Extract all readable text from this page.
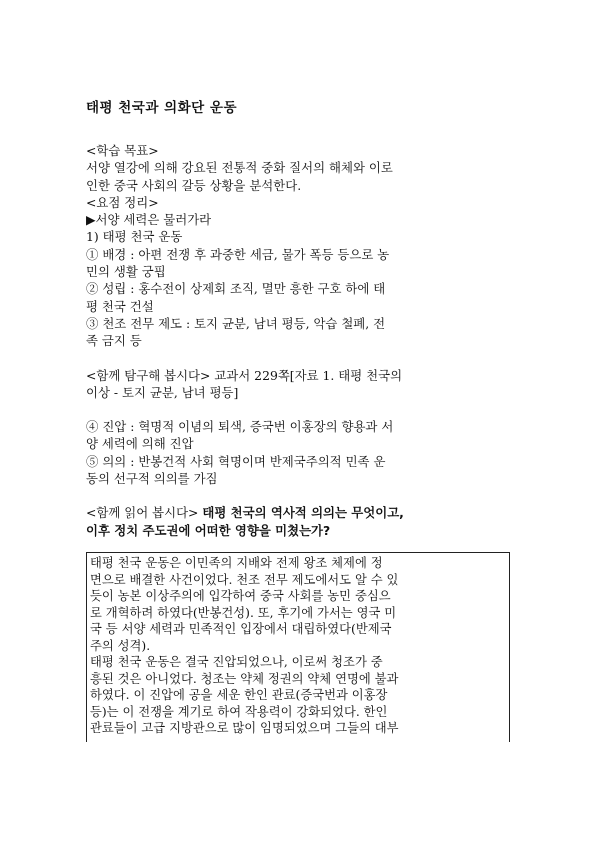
태평 천국과 의화단 운동

<학습 목표>

서양 열강에 의해 강요된 전통적 중화 질서의 해체와 이로

인한 중국 사회의 갈등 상황을 분석한다.

<요점 정리>

▶서양 세력은 물러가라

1) 태평 천국 운동

① 배경 : 아편 전쟁 후 과중한 세금, 물가 폭등 등으로 농

민의 생활 궁핍

② 성립 : 홍수전이 상제회 조직, 멸만 흥한 구호 하에 태

평 천국 건설

③ 천조 전무 제도 : 토지 균분, 남녀 평등, 악습 철폐, 전

족 금지 등

<함께 탐구해 봅시다> 교과서 229쪽[자료 1. 태평 천국의

이상 - 토지 균분, 남녀 평등]

④ 진압 : 혁명적 이념의 퇴색, 증국번 이홍장의 향용과 서

양 세력에 의해 진압

⑤ 의의 : 반봉건적 사회 혁명이며 반제국주의적 민족 운

동의 선구적 의의를 가짐

<함께 읽어 봅시다> 태평 천국의 역사적 의의는 무엇이고,

이후 정치 주도권에 어떠한 영향을 미쳤는가?

태평 천국 운동은 이민족의 지배와 전제 왕조 체제에 정

면으로 배결한 사건이었다. 천조 전무 제도에서도 알 수 있

듯이 농본 이상주의에 입각하여 중국 사회를 농민 중심으

로 개혁하려 하였다(반봉건성). 또, 후기에 가서는 영국 미

국 등 서양 세력과 민족적인 입장에서 대립하였다(반제국

주의 성격).

태평 천국 운동은 결국 진압되었으나, 이로써 청조가 중

흥된 것은 아니었다. 청조는 약체 정권의 약체 연명에 불과

하였다. 이 진압에 공을 세운 한인 관료(증국번과 이홍장

등)는 이 전쟁을 계기로 하여 작용력이 강화되었다. 한인

관료들이 고급 지방관으로 많이 임명되었으며 그들의 대부
